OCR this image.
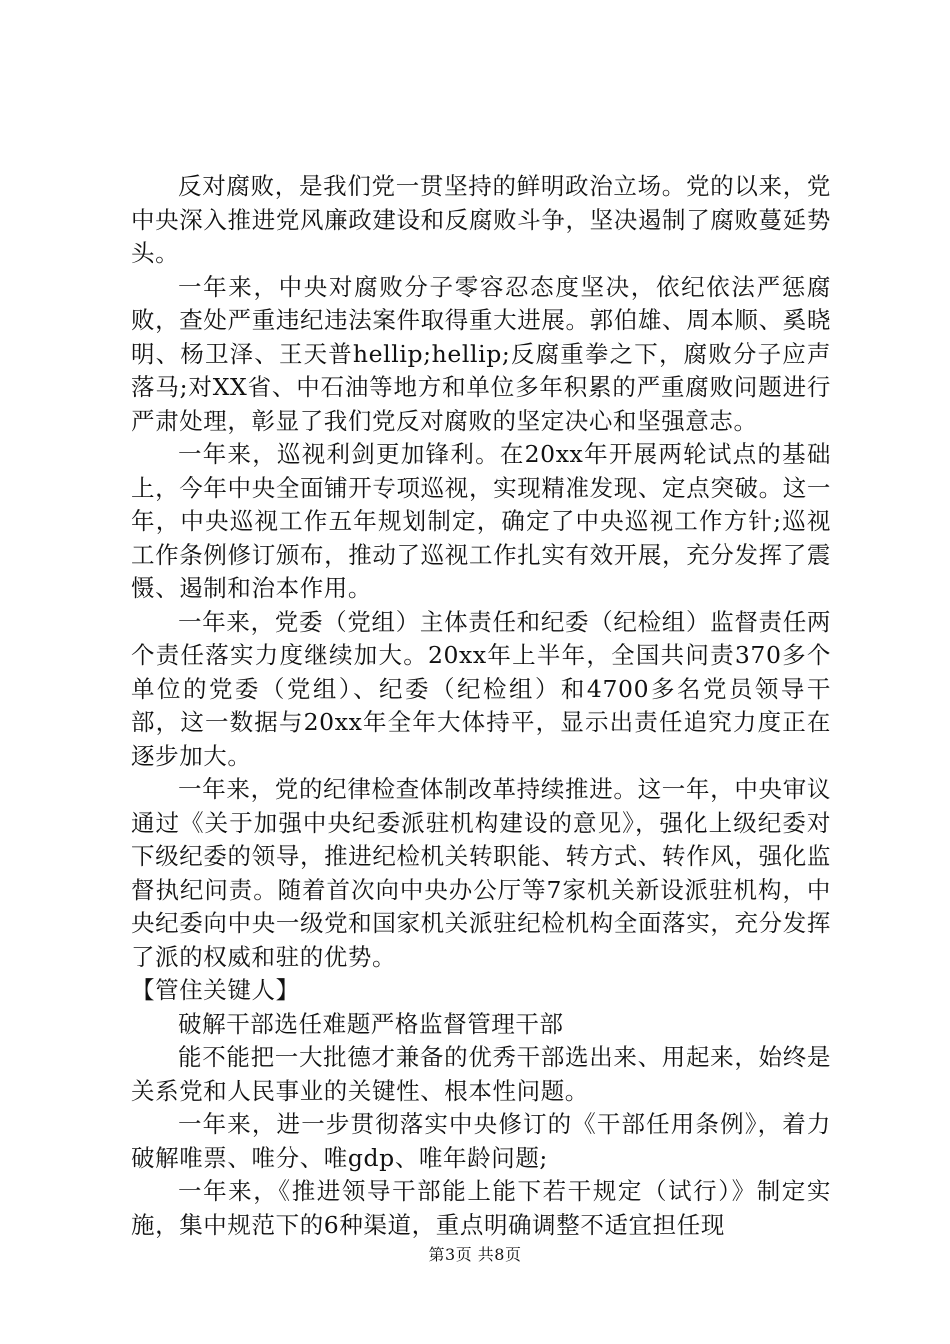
反对腐败，是我们党一贯坚持的鲜明政治立场。党的以来，党中央深入推进党风廉政建设和反腐败斗争，坚决遏制了腐败蔓延势头。

一年来，中央对腐败分子零容忍态度坚决，依纪依法严惩腐败，查处严重违纪违法案件取得重大进展。郭伯雄、周本顺、奚晓明、杨卫泽、王天普hellip;hellip;反腐重拳之下，腐败分子应声落马;对XX省、中石油等地方和单位多年积累的严重腐败问题进行严肃处理，彰显了我们党反对腐败的坚定决心和坚强意志。

一年来，巡视利剑更加锋利。在20xx年开展两轮试点的基础上，今年中央全面铺开专项巡视，实现精准发现、定点突破。这一年，中央巡视工作五年规划制定，确定了中央巡视工作方针;巡视工作条例修订颁布，推动了巡视工作扎实有效开展，充分发挥了震慑、遏制和治本作用。

一年来，党委（党组）主体责任和纪委（纪检组）监督责任两个责任落实力度继续加大。20xx年上半年，全国共问责370多个单位的党委（党组）、纪委（纪检组）和4700多名党员领导干部，这一数据与20xx年全年大体持平，显示出责任追究力度正在逐步加大。

一年来，党的纪律检查体制改革持续推进。这一年，中央审议通过《关于加强中央纪委派驻机构建设的意见》，强化上级纪委对下级纪委的领导，推进纪检机关转职能、转方式、转作风，强化监督执纪问责。随着首次向中央办公厅等7家机关新设派驻机构，中央纪委向中央一级党和国家机关派驻纪检机构全面落实，充分发挥了派的权威和驻的优势。

【管住关键人】

破解干部选任难题严格监督管理干部

能不能把一大批德才兼备的优秀干部选出来、用起来，始终是关系党和人民事业的关键性、根本性问题。

一年来，进一步贯彻落实中央修订的《干部任用条例》，着力破解唯票、唯分、唯gdp、唯年龄问题;

一年来，《推进领导干部能上能下若干规定（试行）》制定实施，集中规范下的6种渠道，重点明确调整不适宜担任现

第3页 共8页
